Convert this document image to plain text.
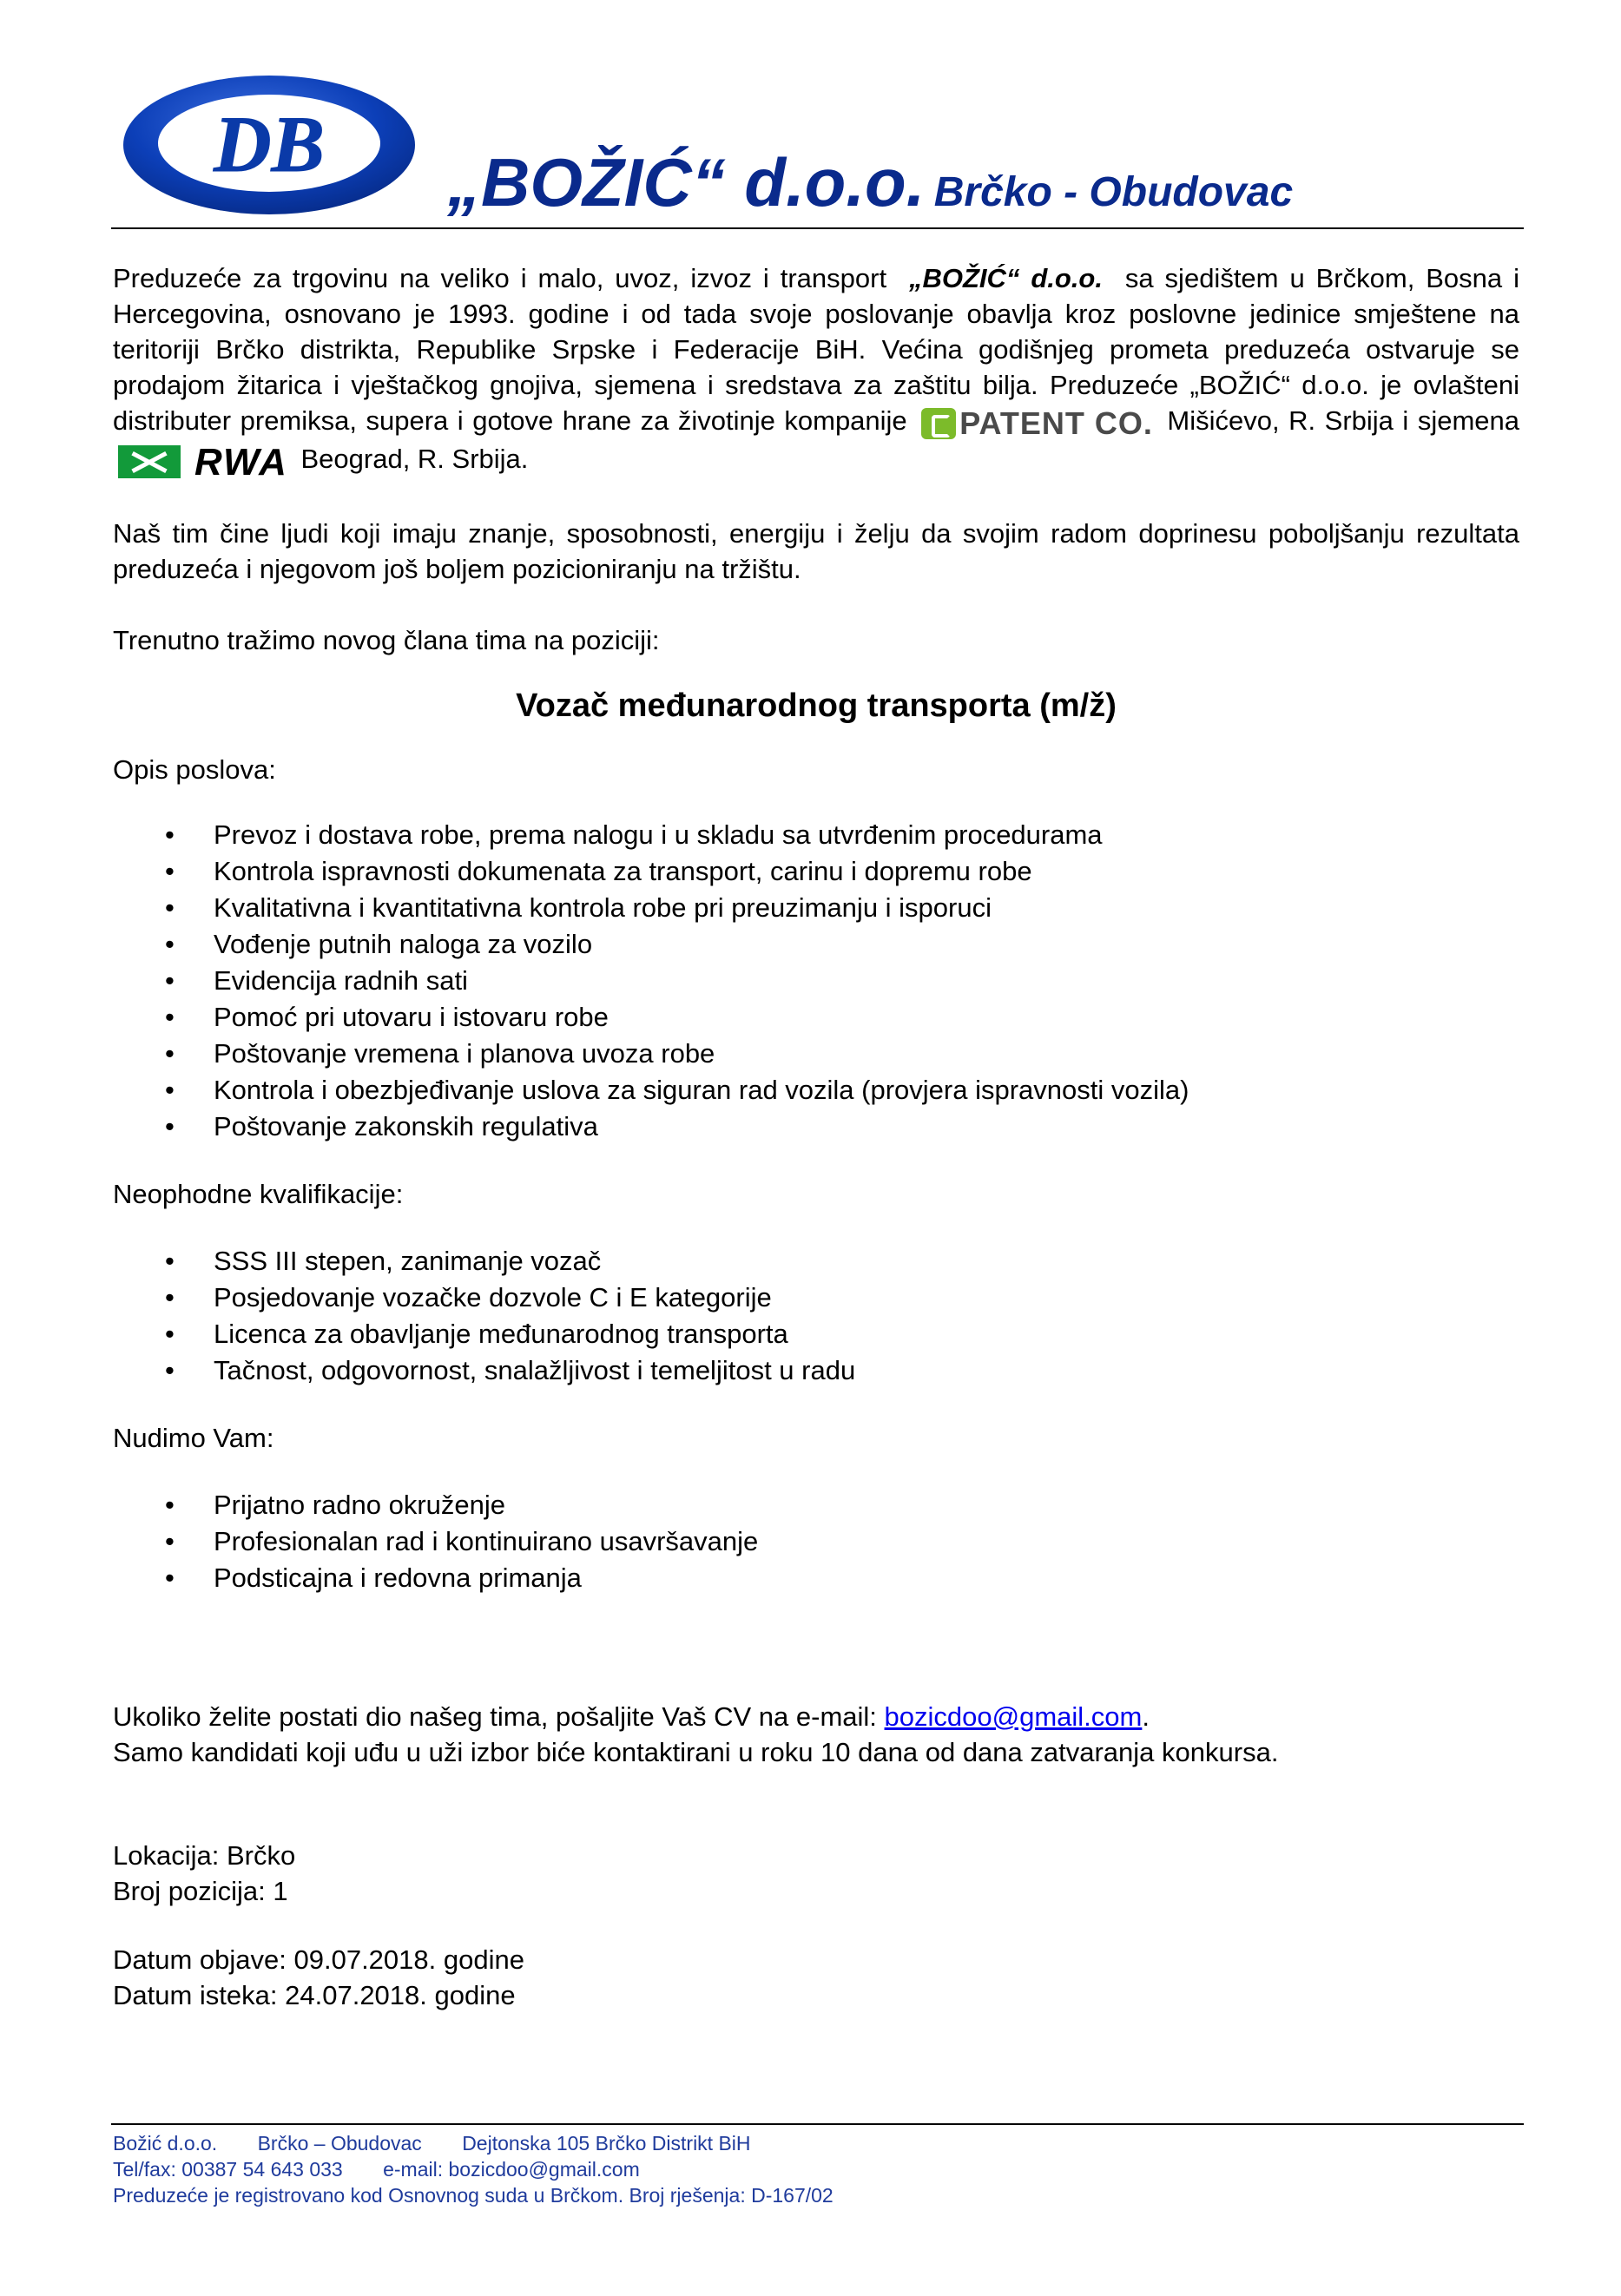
DB „BOŽIĆ“ d.o.o. Brčko - Obudovac

Preduzeće za trgovinu na veliko i malo, uvoz, izvoz i transport „BOŽIĆ“ d.o.o. sa sjedištem u Brčkom, Bosna i Hercegovina, osnovano je 1993. godine i od tada svoje poslovanje obavlja kroz poslovne jedinice smještene na teritoriji Brčko distrikta, Republike Srpske i Federacije BiH. Većina godišnjeg prometa preduzeća ostvaruje se prodajom žitarica i vještačkog gnojiva, sjemena i sredstava za zaštitu bilja. Preduzeće „BOŽIĆ“ d.o.o. je ovlašteni distributer premiksa, supera i gotove hrane za životinje kompanije PATENT CO. Mišićevo, R. Srbija i sjemena RWA Beograd, R. Srbija.

Naš tim čine ljudi koji imaju znanje, sposobnosti, energiju i želju da svojim radom doprinesu poboljšanju rezultata preduzeća i njegovom još boljem pozicioniranju na tržištu.

Trenutno tražimo novog člana tima na poziciji:

Vozač međunarodnog transporta (m/ž)

Opis poslova:

• Prevoz i dostava robe, prema nalogu i u skladu sa utvrđenim procedurama
• Kontrola ispravnosti dokumenata za transport, carinu i dopremu robe
• Kvalitativna i kvantitativna kontrola robe pri preuzimanju i isporuci
• Vođenje putnih naloga za vozilo
• Evidencija radnih sati
• Pomoć pri utovaru i istovaru robe
• Poštovanje vremena i planova uvoza robe
• Kontrola i obezbjeđivanje uslova za siguran rad vozila (provjera ispravnosti vozila)
• Poštovanje zakonskih regulativa

Neophodne kvalifikacije:

• SSS III stepen, zanimanje vozač
• Posjedovanje vozačke dozvole C i E kategorije
• Licenca za obavljanje međunarodnog transporta
• Tačnost, odgovornost, snalažljivost i temeljitost u radu

Nudimo Vam:

• Prijatno radno okruženje
• Profesionalan rad i kontinuirano usavršavanje
• Podsticajna i redovna primanja

Ukoliko želite postati dio našeg tima, pošaljite Vaš CV na e-mail: bozicdoo@gmail.com.

Samo kandidati koji uđu u uži izbor biće kontaktirani u roku 10 dana od dana zatvaranja konkursa.

Lokacija: Brčko

Broj pozicija: 1

Datum objave: 09.07.2018. godine

Datum isteka: 24.07.2018. godine

Božić d.o.o. Brčko – Obudovac Dejtonska 105 Brčko Distrikt BiH
Tel/fax: 00387 54 643 033 e-mail: bozicdoo@gmail.com
Preduzeće je registrovano kod Osnovnog suda u Brčkom. Broj rješenja: D-167/02
